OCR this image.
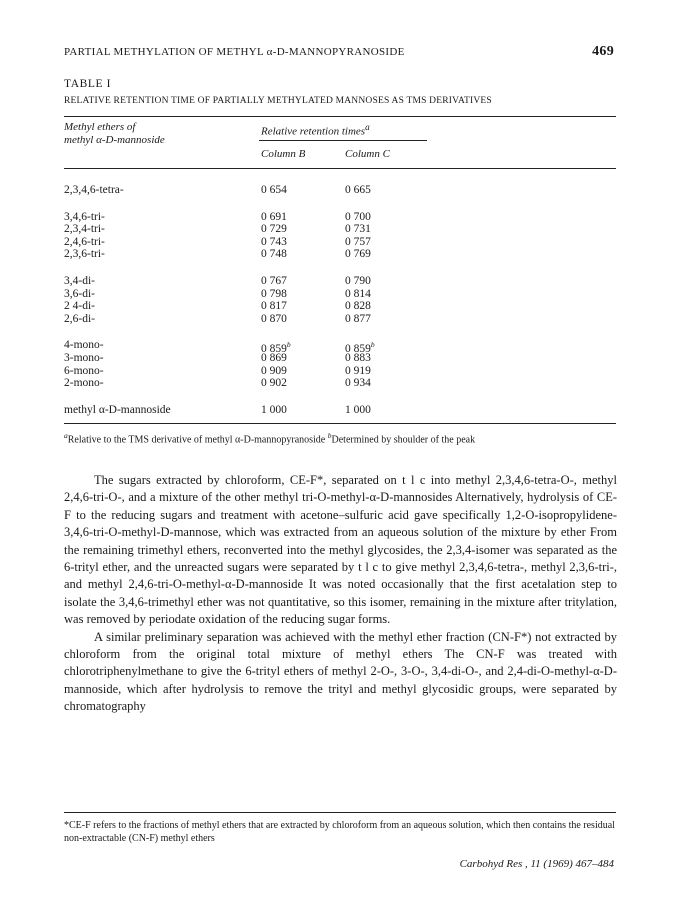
PARTIAL METHYLATION OF METHYL α-D-MANNOPYRANOSIDE	469
TABLE I
RELATIVE RETENTION TIME OF PARTIALLY METHYLATED MANNOSES AS TMS DERIVATIVES
Methyl ethers of
methyl α-D-mannoside
Relative retention times$^a$
Column B	Column C
2,3,4,6-tetra-	0 654	0 665
3,4,6-tri-	0 691	0 700
2,3,4-tri-	0 729	0 731
2,4,6-tri-	0 743	0 757
2,3,6-tri-	0 748	0 769
3,4-di-	0 767	0 790
3,6-di-	0 798	0 814
2 4-di-	0 817	0 828
2,6-di-	0 870	0 877
4-mono-	0 859$^b$	0 859$^b$
3-mono-	0 869	0 883
6-mono-	0 909	0 919
2-mono-	0 902	0 934
methyl α-D-mannoside	1 000	1 000
$^a$Relative to the TMS derivative of methyl α-D-mannopyranoside $^b$Determined by shoulder of the peak

The sugars extracted by chloroform, CE-F*, separated on t l c into methyl 2,3,4,6-tetra-O-, methyl 2,4,6-tri-O-, and a mixture of the other methyl tri-O-methyl-α-D-mannosides Alternatively, hydrolysis of CE-F to the reducing sugars and treatment with acetone–sulfuric acid gave specifically 1,2-O-isopropylidene-3,4,6-tri-O-methyl-D-mannose, which was extracted from an aqueous solution of the mixture by ether From the remaining trimethyl ethers, reconverted into the methyl glycosides, the 2,3,4-isomer was separated as the 6-trityl ether, and the unreacted sugars were separated by t l c to give methyl 2,3,4,6-tetra-, methyl 2,3,6-tri-, and methyl 2,4,6-tri-O-methyl-α-D-mannoside It was noted occasionally that the first acetalation step to isolate the 3,4,6-trimethyl ether was not quantitative, so this isomer, remaining in the mixture after tritylation, was removed by periodate oxidation of the reducing sugar forms.

A similar preliminary separation was achieved with the methyl ether fraction (CN-F*) not extracted by chloroform from the original total mixture of methyl ethers The CN-F was treated with chlorotriphenylmethane to give the 6-trityl ethers of methyl 2-O-, 3-O-, 3,4-di-O-, and 2,4-di-O-methyl-α-D-mannoside, which after hydrolysis to remove the trityl and methyl glycosidic groups, were separated by chromatography

*CE-F refers to the fractions of methyl ethers that are extracted by chloroform from an aqueous solution, which then contains the residual non-extractable (CN-F) methyl ethers
Carbohyd Res , 11 (1969) 467–484
